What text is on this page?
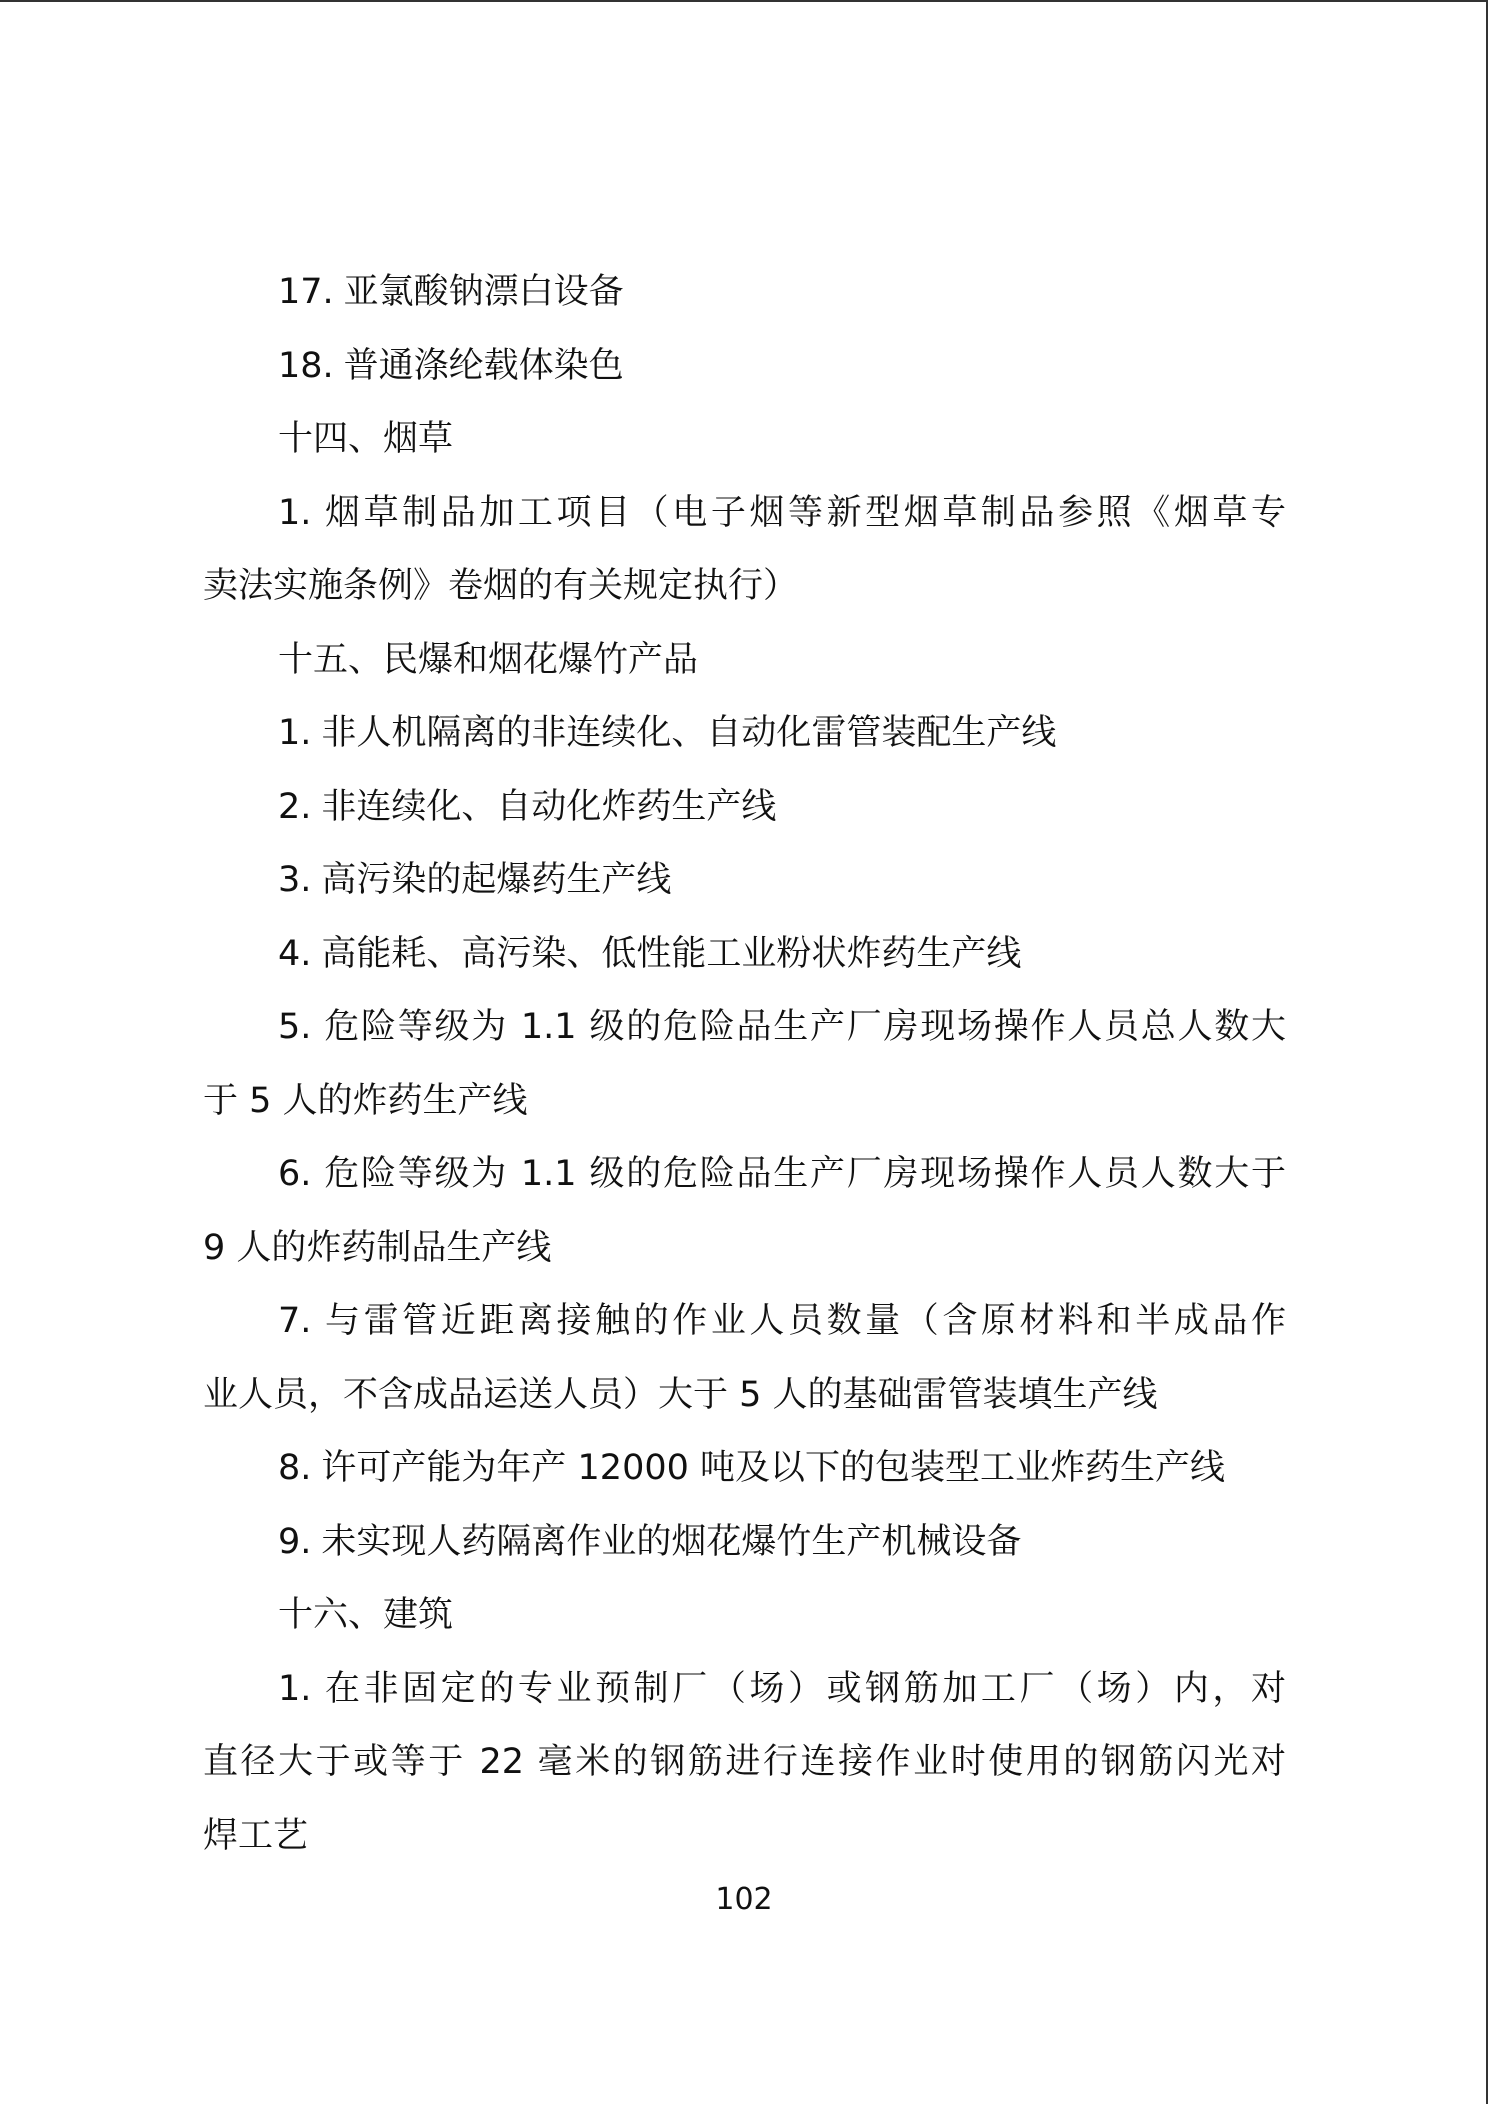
17. 亚氯酸钠漂白设备
18. 普通涤纶载体染色
十四、烟草
1. 烟草制品加工项目（电子烟等新型烟草制品参照《烟草专
卖法实施条例》卷烟的有关规定执行）
十五、民爆和烟花爆竹产品
1. 非人机隔离的非连续化、自动化雷管装配生产线
2. 非连续化、自动化炸药生产线
3. 高污染的起爆药生产线
4. 高能耗、高污染、低性能工业粉状炸药生产线
5. 危险等级为 1.1 级的危险品生产厂房现场操作人员总人数大
于 5 人的炸药生产线
6. 危险等级为 1.1 级的危险品生产厂房现场操作人员人数大于
9 人的炸药制品生产线
7. 与雷管近距离接触的作业人员数量（含原材料和半成品作
业人员，不含成品运送人员）大于 5 人的基础雷管装填生产线
8. 许可产能为年产 12000 吨及以下的包装型工业炸药生产线
9. 未实现人药隔离作业的烟花爆竹生产机械设备
十六、建筑
1. 在非固定的专业预制厂（场）或钢筋加工厂（场）内，对
直径大于或等于 22 毫米的钢筋进行连接作业时使用的钢筋闪光对
焊工艺
102
